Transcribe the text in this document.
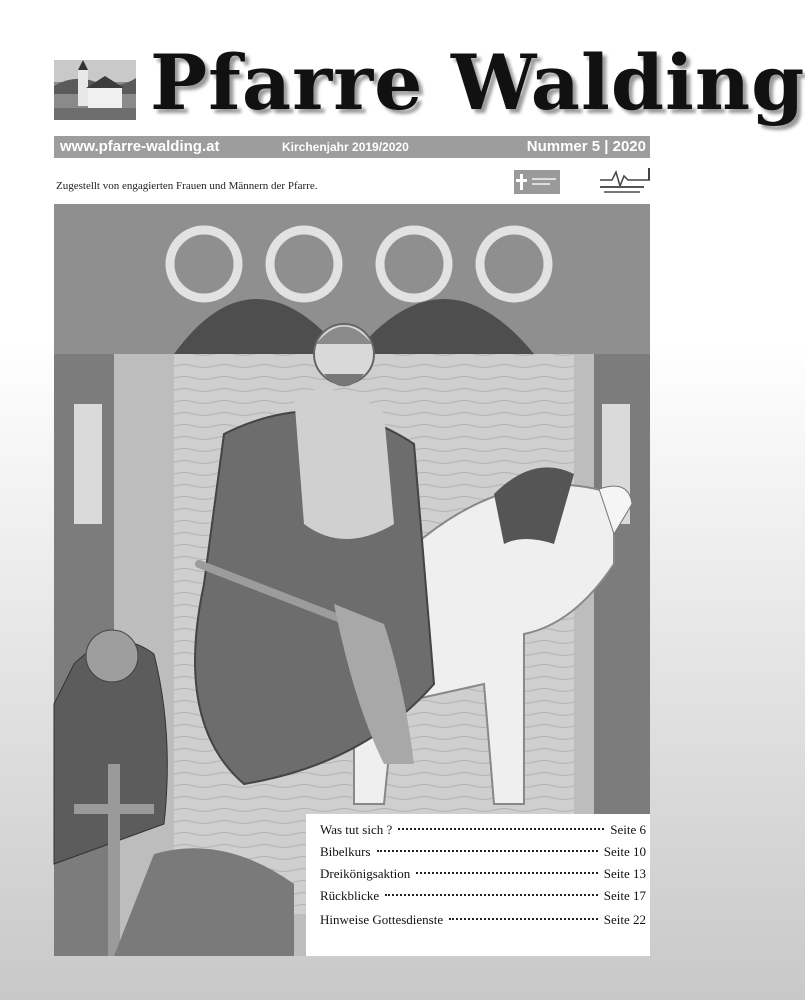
Pfarre Walding
www.pfarre-walding.at	Kirchenjahr 2019/2020	Nummer 5 | 2020
Zugestellt von engagierten Frauen und Männern der Pfarre.
Was tut sich ?	Seite 6
Bibelkurs	Seite 10
Dreikönigsaktion	Seite 13
Rückblicke	Seite 17
Hinweise Gottesdienste	Seite 22
